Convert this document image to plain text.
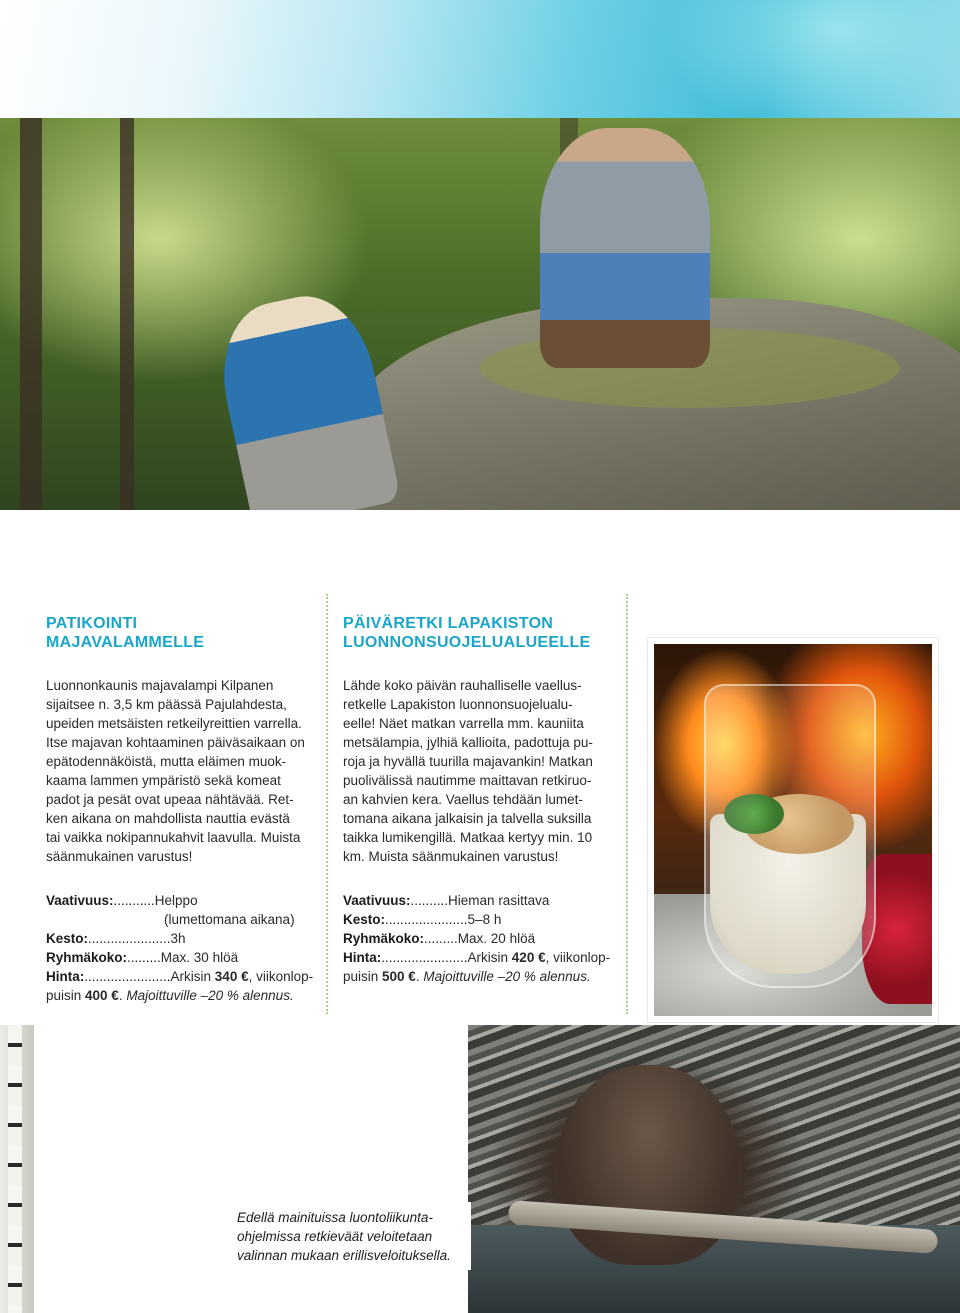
PATIKOINTI
MAJAVALAMMELLE

Luonnonkaunis majavalampi Kilpanen
sijaitsee n. 3,5 km päässä Pajulahdesta,
upeiden metsäisten retkeilyreittien varrella.
Itse majavan kohtaaminen päiväsaikaan on
epätodennäköistä, mutta eläimen muok-
kaama lammen ympäristö sekä komeat
padot ja pesät ovat upeaa nähtävää. Ret-
ken aikana on mahdollista nauttia evästä
tai vaikka nokipannukahvit laavulla. Muista
säänmukainen varustus!

Vaativuus:...........Helppo
(lumettomana aikana)
Kesto:......................3h
Ryhmäkoko:.........Max. 30 hlöä
Hinta:.......................Arkisin 340 €, viikonlop-
puisin 400 €. Majoittuville –20 % alennus.
PÄIVÄRETKI LAPAKISTON
LUONNONSUOJELUALUEELLE

Lähde koko päivän rauhalliselle vaellus-
retkelle Lapakiston luonnonsuojelualu-
eelle! Näet matkan varrella mm. kauniita
metsälampia, jylhiä kallioita, padottuja pu-
roja ja hyvällä tuurilla majavankin! Matkan
puolivälissä nautimme maittavan retkiruo-
an kahvien kera. Vaellus tehdään lumet-
tomana aikana jalkaisin ja talvella suksilla
taikka lumikengillä. Matkaa kertyy min. 10
km. Muista säänmukainen varustus!

Vaativuus:..........Hieman rasittava
Kesto:......................5–8 h
Ryhmäkoko:.........Max. 20 hlöä
Hinta:.......................Arkisin 420 €, viikonlop-
puisin 500 €. Majoittuville –20 % alennus.
Edellä mainituissa luontoliikunta-
ohjelmissa retkieväät veloitetaan
valinnan mukaan erillisveloituksella.
